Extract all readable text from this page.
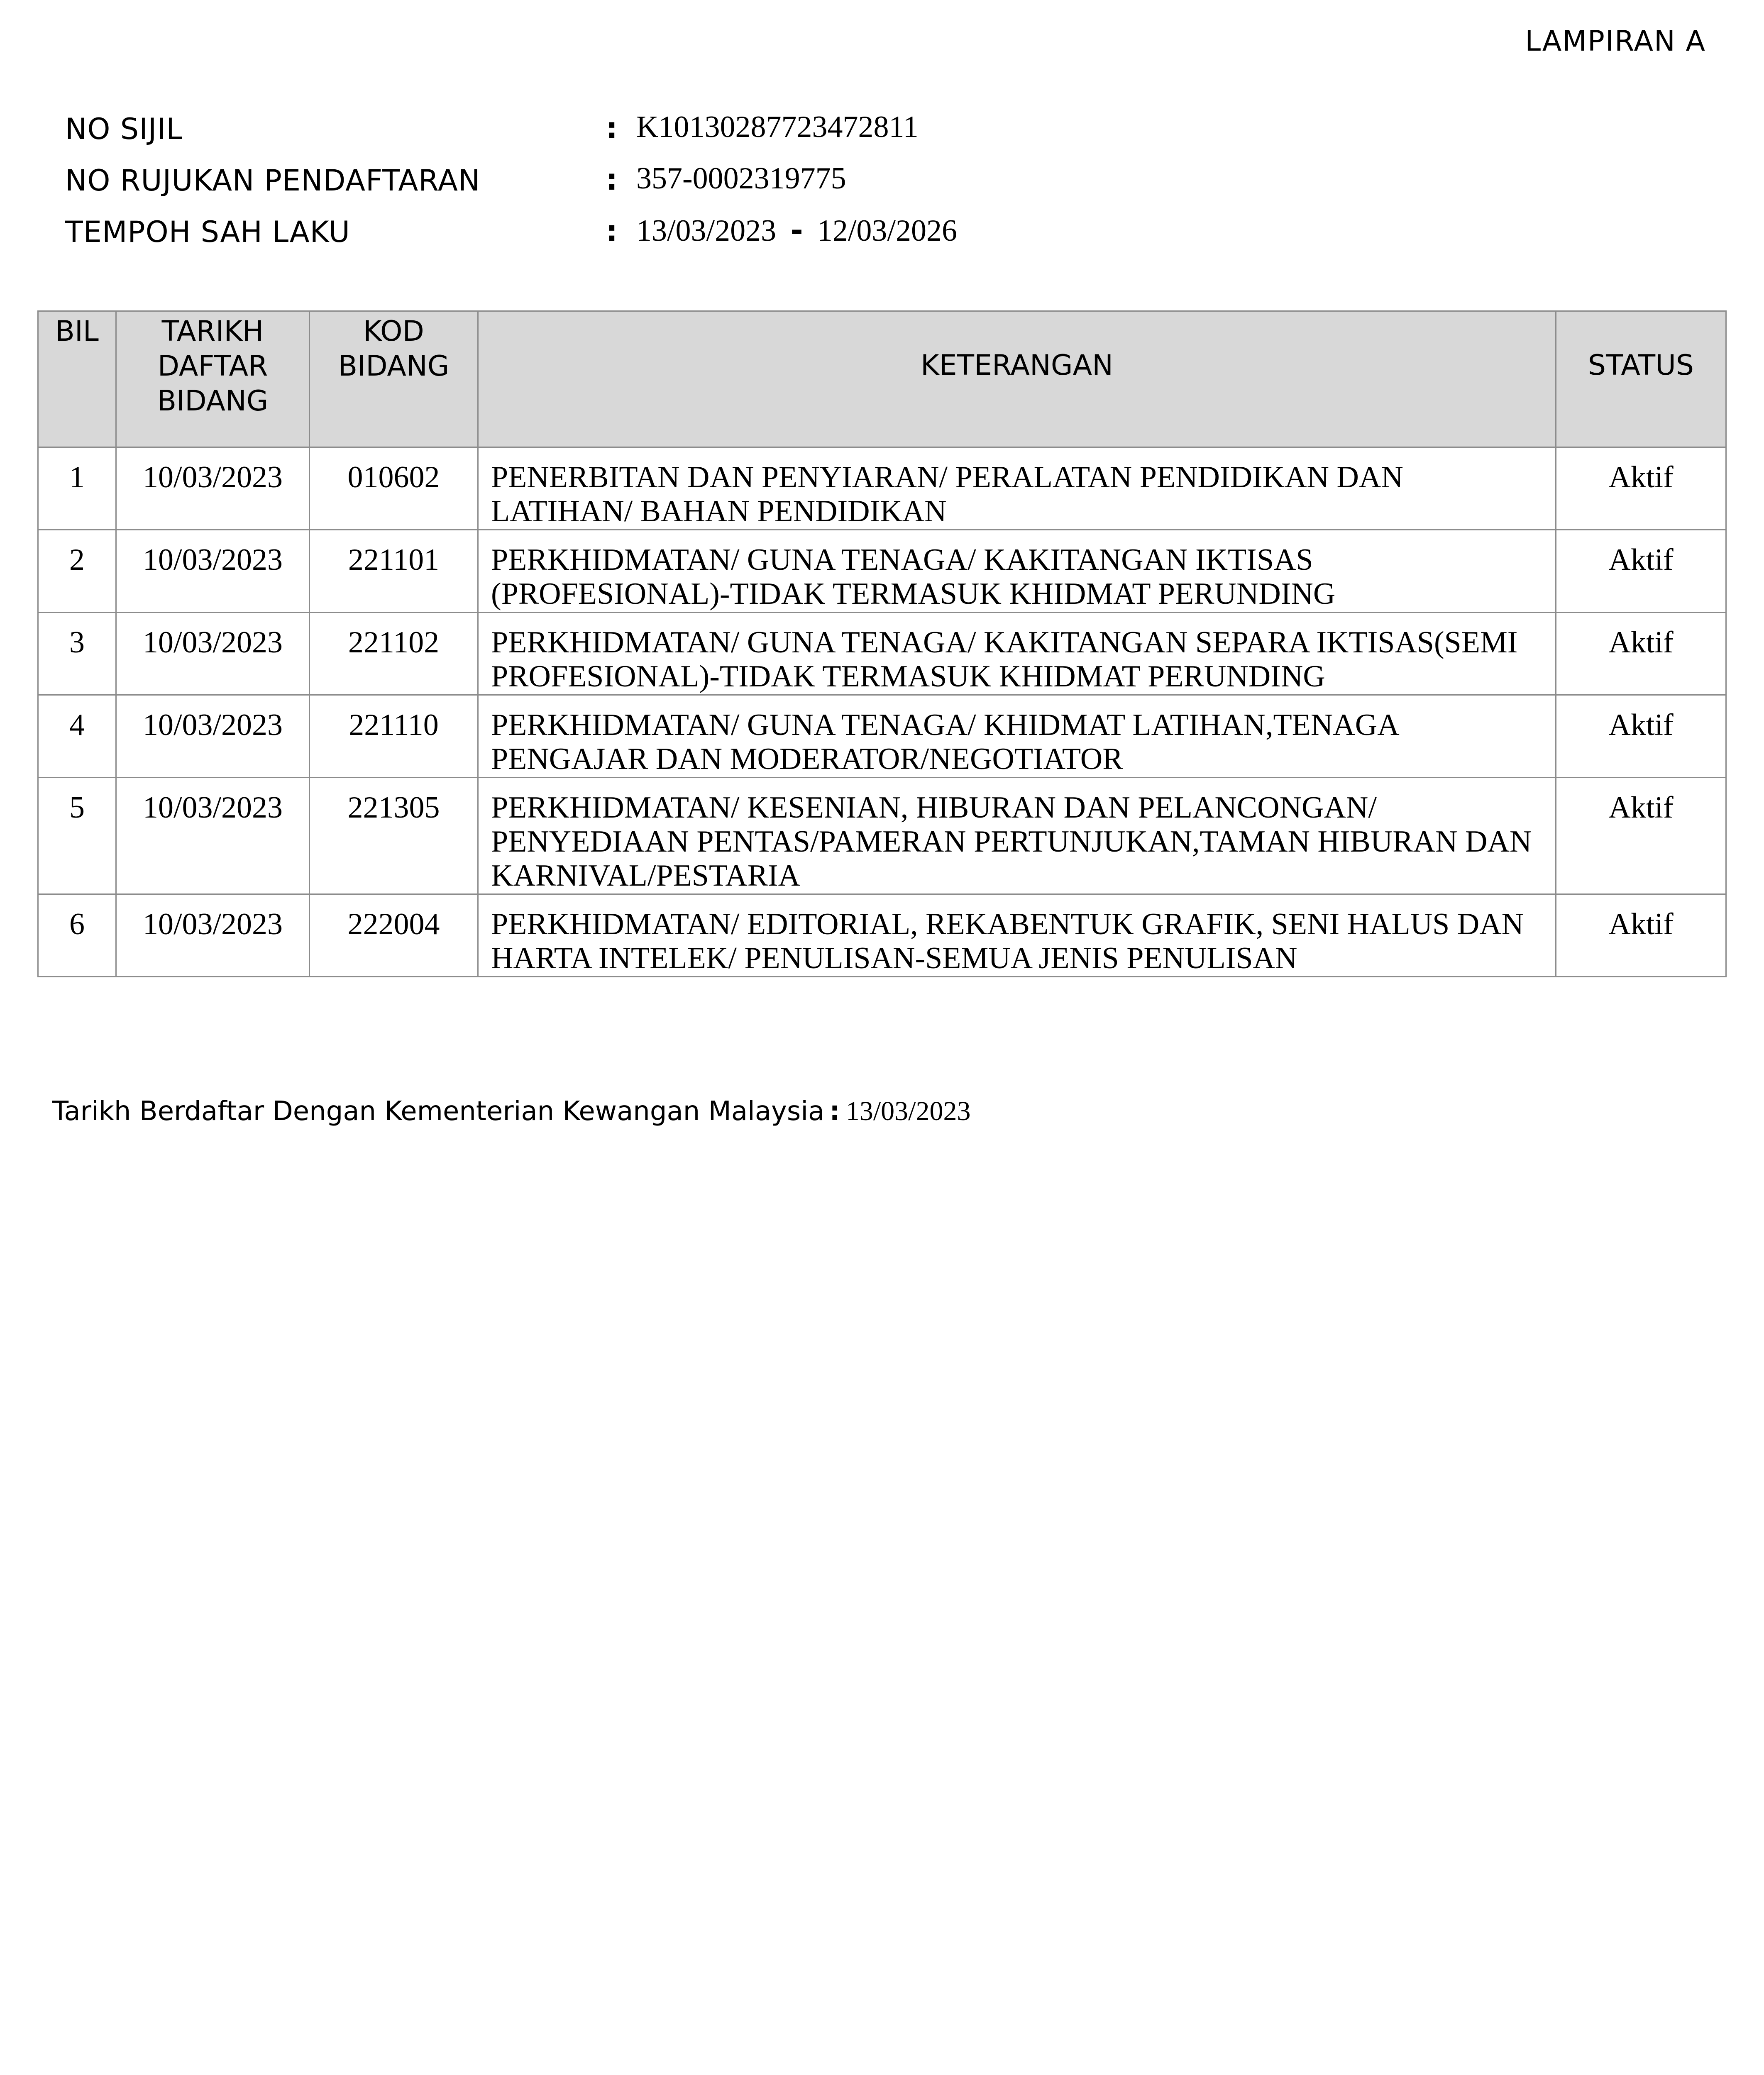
LAMPIRAN A
NO SIJIL	: K10130287723472811
NO RUJUKAN PENDAFTARAN	: 357-0002319775
TEMPOH SAH LAKU	: 13/03/2023 - 12/03/2026
BIL	TARIKH DAFTAR BIDANG	KOD BIDANG	KETERANGAN	STATUS
1	10/03/2023	010602	PENERBITAN DAN PENYIARAN/ PERALATAN PENDIDIKAN DAN LATIHAN/ BAHAN PENDIDIKAN	Aktif
2	10/03/2023	221101	PERKHIDMATAN/ GUNA TENAGA/ KAKITANGAN IKTISAS (PROFESIONAL)-TIDAK TERMASUK KHIDMAT PERUNDING	Aktif
3	10/03/2023	221102	PERKHIDMATAN/ GUNA TENAGA/ KAKITANGAN SEPARA IKTISAS(SEMI PROFESIONAL)-TIDAK TERMASUK KHIDMAT PERUNDING	Aktif
4	10/03/2023	221110	PERKHIDMATAN/ GUNA TENAGA/ KHIDMAT LATIHAN,TENAGA PENGAJAR DAN MODERATOR/NEGOTIATOR	Aktif
5	10/03/2023	221305	PERKHIDMATAN/ KESENIAN, HIBURAN DAN PELANCONGAN/ PENYEDIAAN PENTAS/PAMERAN PERTUNJUKAN,TAMAN HIBURAN DAN KARNIVAL/PESTARIA	Aktif
6	10/03/2023	222004	PERKHIDMATAN/ EDITORIAL, REKABENTUK GRAFIK, SENI HALUS DAN HARTA INTELEK/ PENULISAN-SEMUA JENIS PENULISAN	Aktif
Tarikh Berdaftar Dengan Kementerian Kewangan Malaysia : 13/03/2023
